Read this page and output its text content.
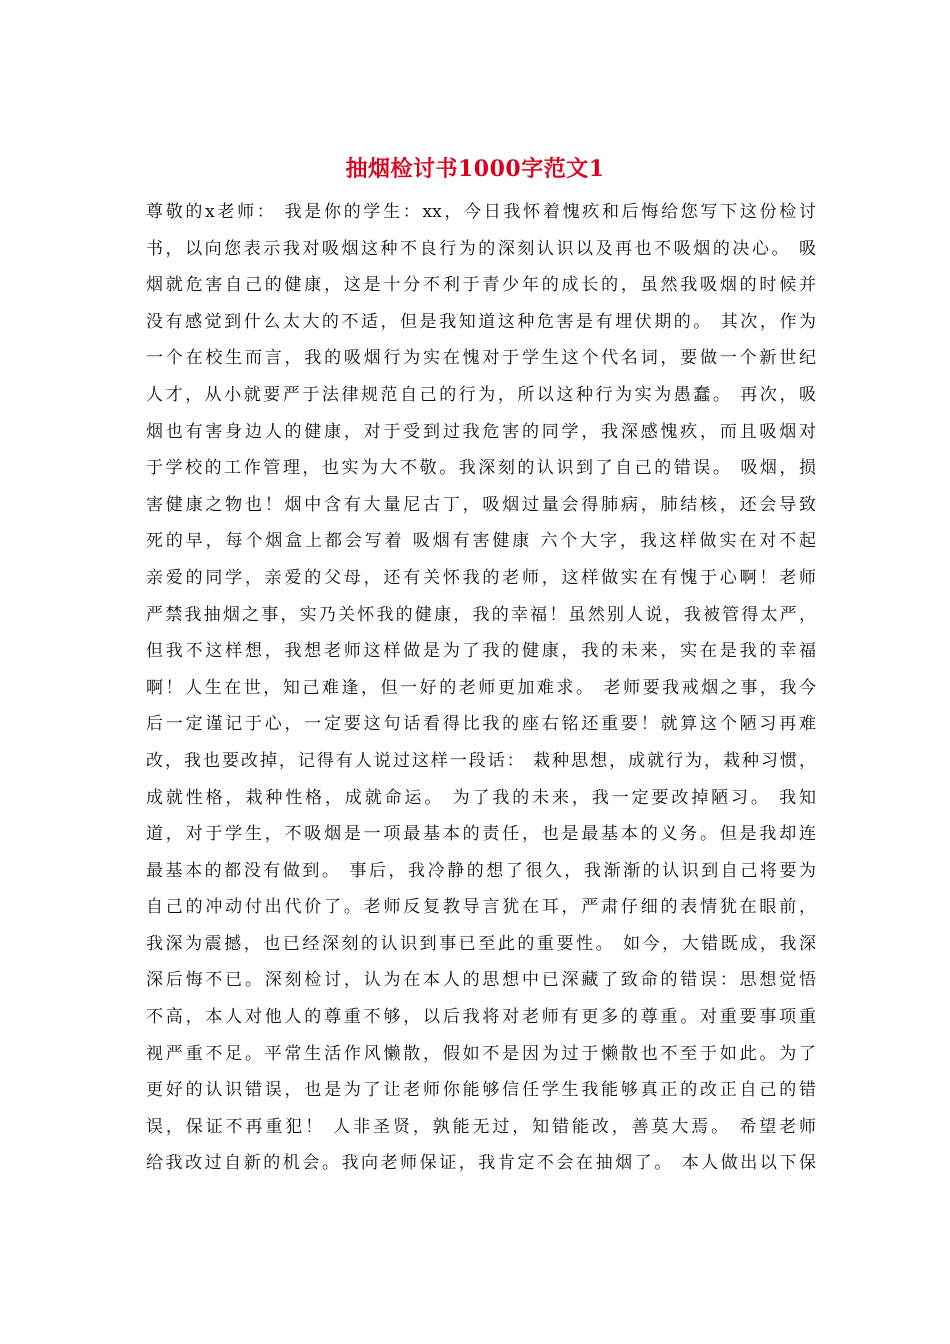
抽烟检讨书1000字范文1
尊敬的x老师： 我是你的学生：xx，今日我怀着愧疚和后悔给您写下这份检讨
书，以向您表示我对吸烟这种不良行为的深刻认识以及再也不吸烟的决心。 吸
烟就危害自己的健康，这是十分不利于青少年的成长的，虽然我吸烟的时候并
没有感觉到什么太大的不适，但是我知道这种危害是有埋伏期的。 其次，作为
一个在校生而言，我的吸烟行为实在愧对于学生这个代名词，要做一个新世纪
人才，从小就要严于法律规范自己的行为，所以这种行为实为愚蠢。 再次，吸
烟也有害身边人的健康，对于受到过我危害的同学，我深感愧疚，而且吸烟对
于学校的工作管理，也实为大不敬。我深刻的认识到了自己的错误。 吸烟，损
害健康之物也！烟中含有大量尼古丁，吸烟过量会得肺病，肺结核，还会导致
死的早，每个烟盒上都会写着 吸烟有害健康 六个大字，我这样做实在对不起
亲爱的同学，亲爱的父母，还有关怀我的老师，这样做实在有愧于心啊！老师
严禁我抽烟之事，实乃关怀我的健康，我的幸福！虽然别人说，我被管得太严，
但我不这样想，我想老师这样做是为了我的健康，我的未来，实在是我的幸福
啊！人生在世，知己难逢，但一好的老师更加难求。 老师要我戒烟之事，我今
后一定谨记于心，一定要这句话看得比我的座右铭还重要！就算这个陋习再难
改，我也要改掉，记得有人说过这样一段话： 栽种思想，成就行为，栽种习惯，
成就性格，栽种性格，成就命运。 为了我的未来，我一定要改掉陋习。 我知
道，对于学生，不吸烟是一项最基本的责任，也是最基本的义务。但是我却连
最基本的都没有做到。 事后，我冷静的想了很久，我渐渐的认识到自己将要为
自己的冲动付出代价了。老师反复教导言犹在耳，严肃仔细的表情犹在眼前，
我深为震撼，也已经深刻的认识到事已至此的重要性。 如今，大错既成，我深
深后悔不已。深刻检讨，认为在本人的思想中已深藏了致命的错误：思想觉悟
不高，本人对他人的尊重不够，以后我将对老师有更多的尊重。对重要事项重
视严重不足。平常生活作风懒散，假如不是因为过于懒散也不至于如此。为了
更好的认识错误，也是为了让老师你能够信任学生我能够真正的改正自己的错
误，保证不再重犯！ 人非圣贤，孰能无过，知错能改，善莫大焉。 希望老师
给我改过自新的机会。我向老师保证，我肯定不会在抽烟了。 本人做出以下保
